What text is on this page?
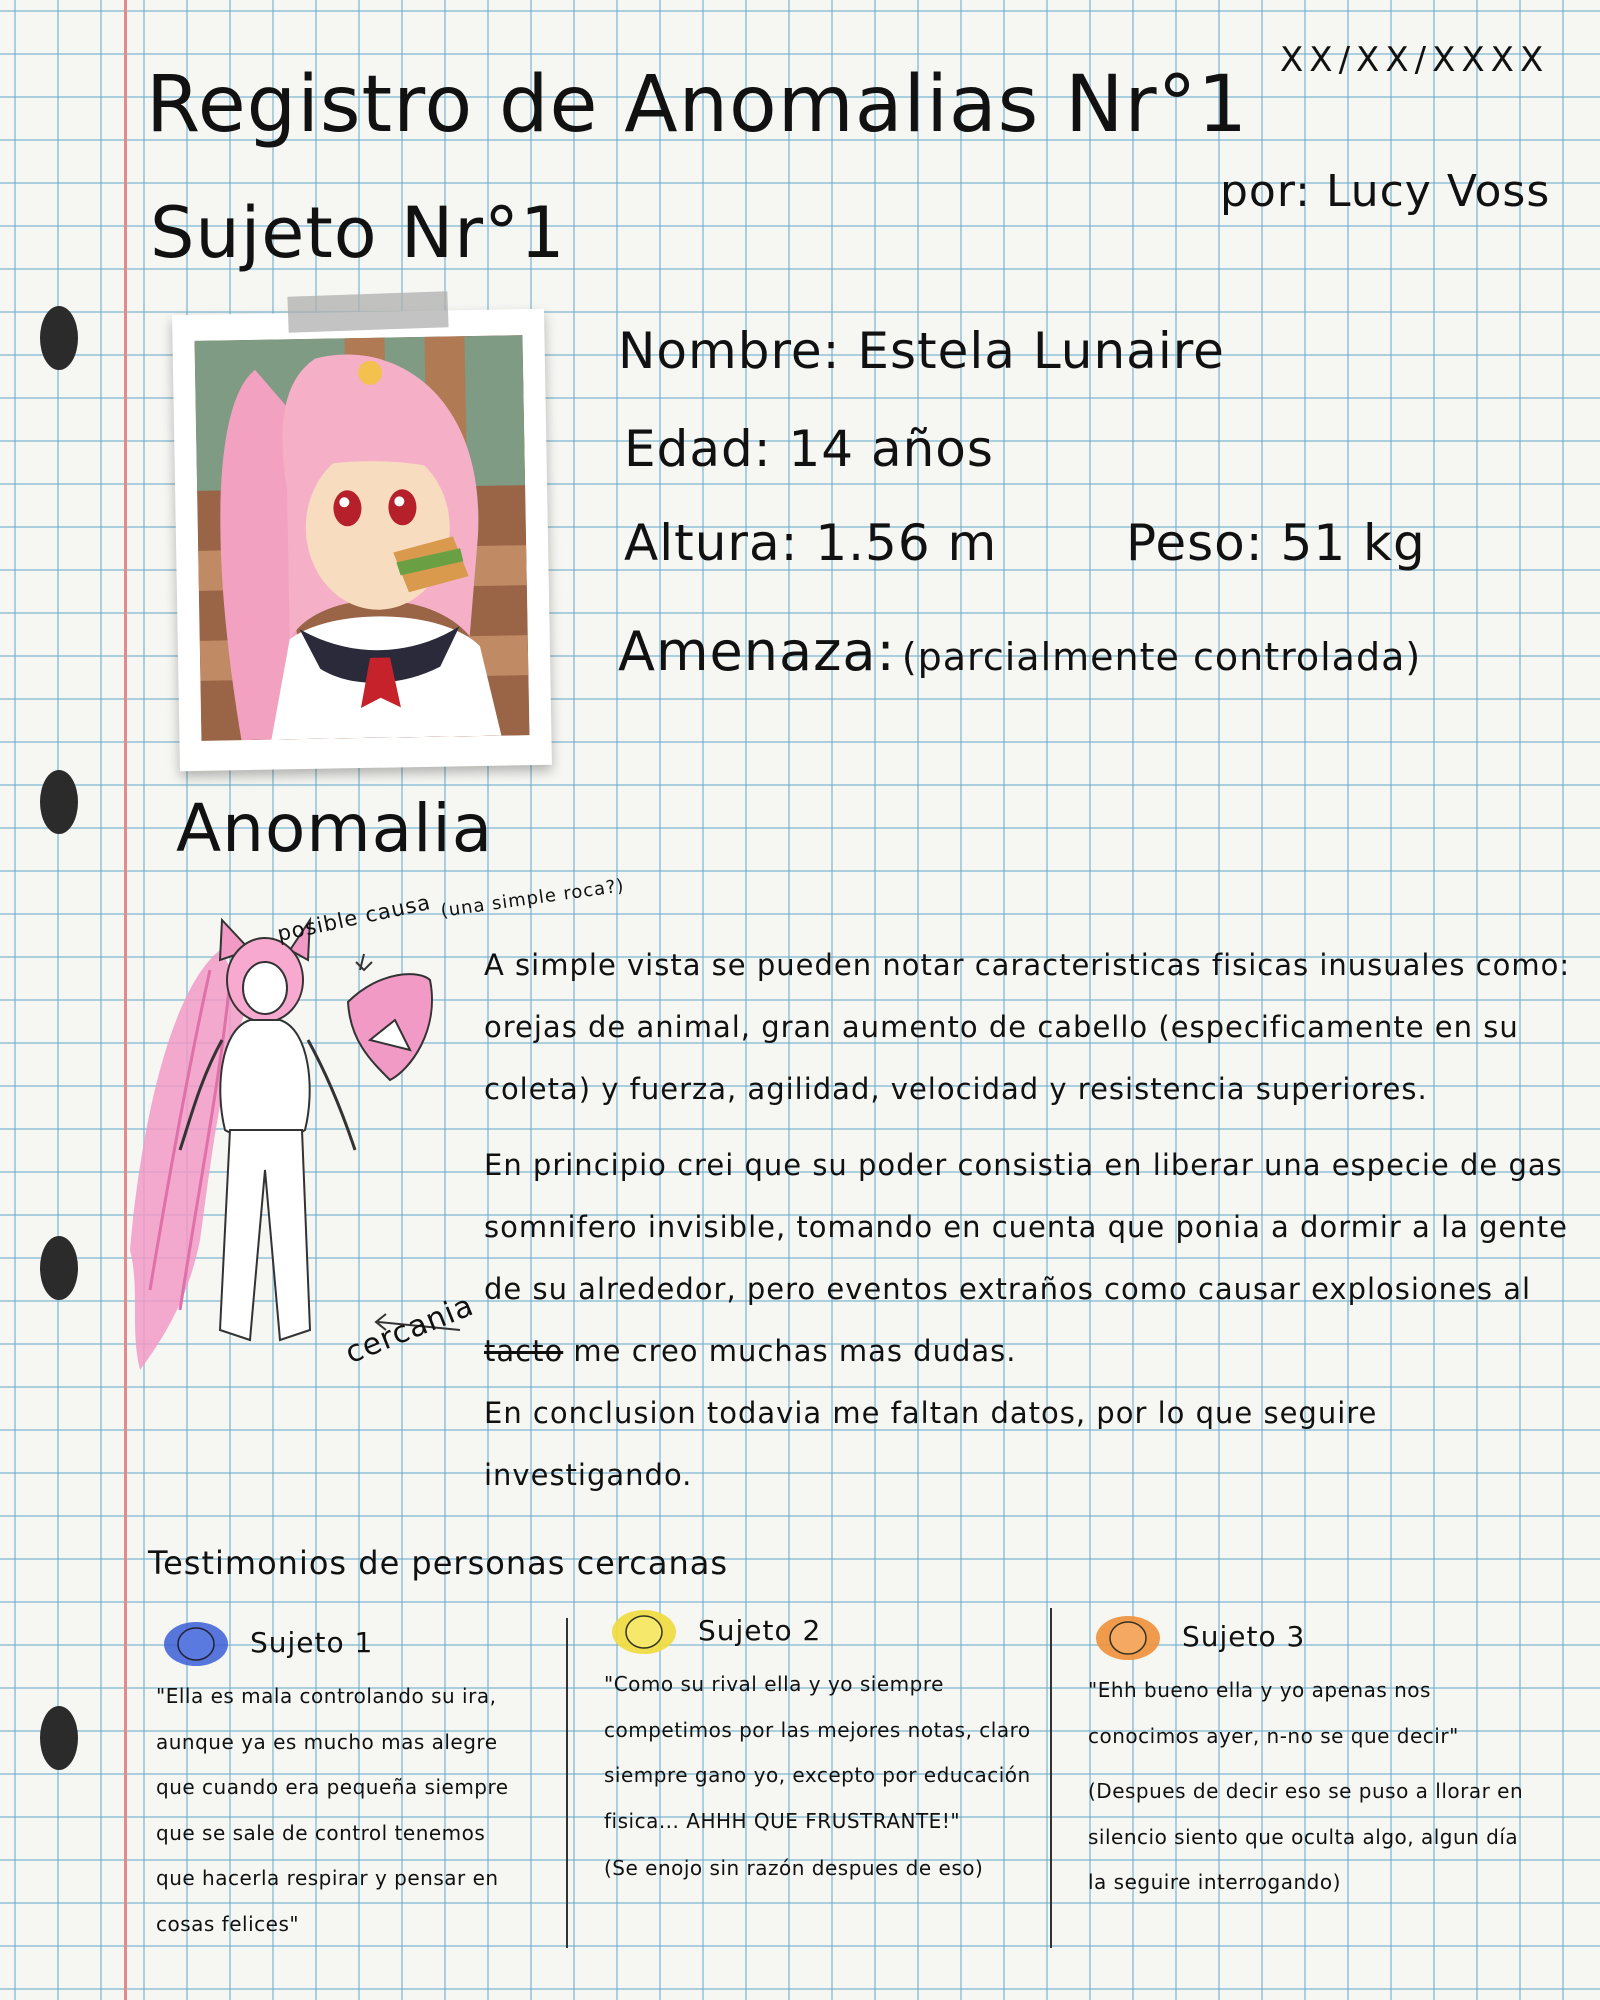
Registro de Anomalias Nr°1
Sujeto Nr°1
XX/XX/XXXX
por: Lucy Voss
Nombre: Estela Lunaire
Edad: 14 años
Altura: 1.56 m	Peso: 51 kg
Amenaza: (parcialmente controlada)
Anomalia
posible causa (una simple roca?)
cercania

A simple vista se pueden notar caracteristicas fisicas inusuales como: orejas de animal, gran aumento de cabello (especificamente en su coleta) y fuerza, agilidad, velocidad y resistencia superiores.

En principio crei que su poder consistia en liberar una especie de gas somnifero invisible, tomando en cuenta que ponia a dormir a la gente de su alrededor, pero eventos extraños como causar explosiones al tacto me creo muchas mas dudas.

En conclusion todavia me faltan datos, por lo que seguire investigando.

Testimonios de personas cercanas
Sujeto 1
"Ella es mala controlando su ira, aunque ya es mucho mas alegre que cuando era pequeña siempre que se sale de control tenemos que hacerla respirar y pensar en cosas felices"
Sujeto 2
"Como su rival ella y yo siempre competimos por las mejores notas, claro siempre gano yo, excepto por educación fisica... AHHH QUE FRUSTRANTE!"
(Se enojo sin razón despues de eso)
Sujeto 3
"Ehh bueno ella y yo apenas nos conocimos ayer, n-no se que decir"
(Despues de decir eso se puso a llorar en silencio siento que oculta algo, algun día la seguire interrogando)
